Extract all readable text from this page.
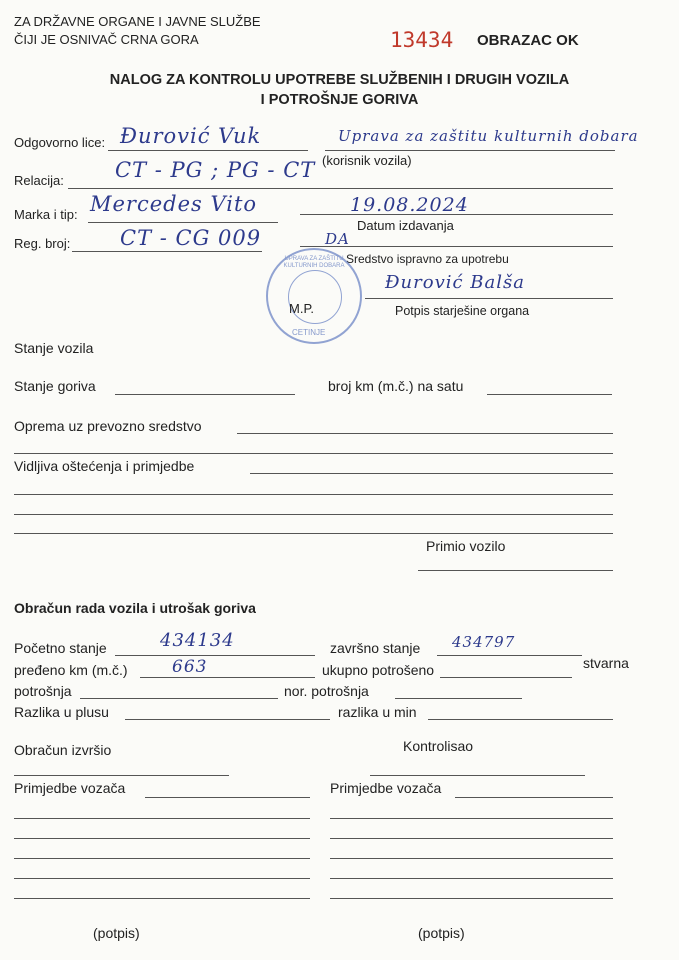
ZA DRŽAVNE ORGANE I JAVNE SLUŽBE
ČIJI JE OSNIVAČ CRNA GORA	13434 OBRAZAC OK
NALOG ZA KONTROLU UPOTREBE SLUŽBENIH I DRUGIH VOZILA
I POTROŠNJE GORIVA
Odgovorno lice: Đurović Vuk	Uprava za zaštitu kulturnih dobara
(korisnik vozila)
Relacija: CT - PG ; PG - CT
Marka i tip: Mercedes Vito	19.08.2024
Datum izdavanja
Reg. broj: CT - CG 009	DA
Sredstvo ispravno za upotrebu
Đurović Balša
UPRAVA ZA ZAŠTITU KULTURNIH DOBARA
CETINJE
M.P.	Potpis starješine organa
Stanje vozila
Stanje goriva	broj km (m.č.) na satu
Oprema uz prevozno sredstvo
Vidljiva oštećenja i primjedbe
Primio vozilo
Obračun rada vozila i utrošak goriva
Početno stanje	434134	završno stanje 434797
pređeno km (m.č.)	663	ukupno potrošeno	stvarna
potrošnja	nor. potrošnja
Razlika u plusu	razlika u min
Obračun izvršio	Kontrolisao
Primjedbe vozača	Primjedbe vozača
(potpis)	(potpis)
